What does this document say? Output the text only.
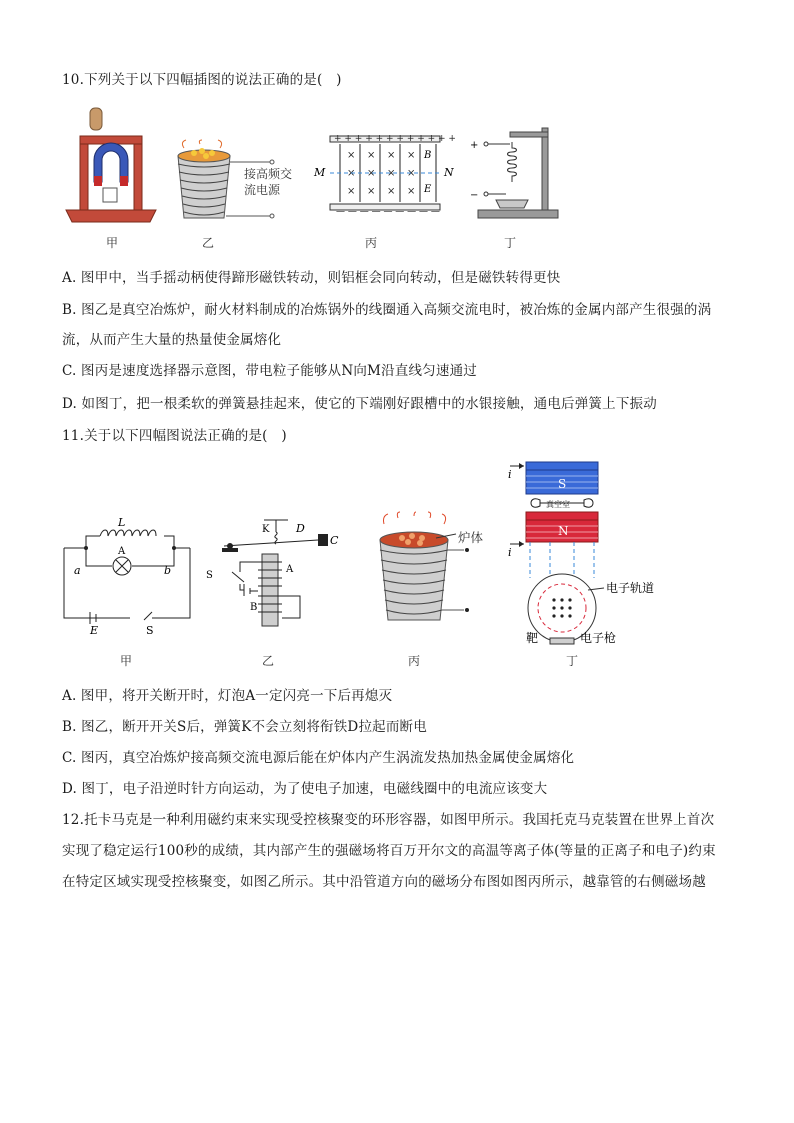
10.下列关于以下四幅插图的说法正确的是(　)
甲
接高频交
流电源
乙
+ + + + + + + + + + + +
— — — — — — — — —
× × × ×
× × × ×
× × × ×
M	N
B
E
丙
+
−
丁
A. 图甲中，当手摇动柄使得蹄形磁铁转动，则铝框会同向转动，但是磁铁转得更快
B. 图乙是真空冶炼炉，耐火材料制成的冶炼锅外的线圈通入高频交流电时，被冶炼的金属内部产生很强的涡
流，从而产生大量的热量使金属熔化
C. 图丙是速度选择器示意图，带电粒子能够从N向M沿直线匀速通过
D. 如图丁，把一根柔软的弹簧悬挂起来，使它的下端刚好跟槽中的水银接触，通电后弹簧上下振动
11.关于以下四幅图说法正确的是(　)
L
A
a	b
E	S
甲
K D
C
S
A
B
乙
炉体
丙
S
N
真空室
i
i
电子轨道
靶	电子枪
丁
A. 图甲，将开关断开时，灯泡A一定闪亮一下后再熄灭
B. 图乙，断开开关S后，弹簧K不会立刻将衔铁D拉起而断电
C. 图丙，真空冶炼炉接高频交流电源后能在炉体内产生涡流发热加热金属使金属熔化
D. 图丁，电子沿逆时针方向运动，为了使电子加速，电磁线圈中的电流应该变大
12.托卡马克是一种利用磁约束来实现受控核聚变的环形容器，如图甲所示。我国托克马克装置在世界上首次
实现了稳定运行100秒的成绩，其内部产生的强磁场将百万开尔文的高温等离子体(等量的正离子和电子)约束
在特定区域实现受控核聚变，如图乙所示。其中沿管道方向的磁场分布图如图丙所示，越靠管的右侧磁场越
